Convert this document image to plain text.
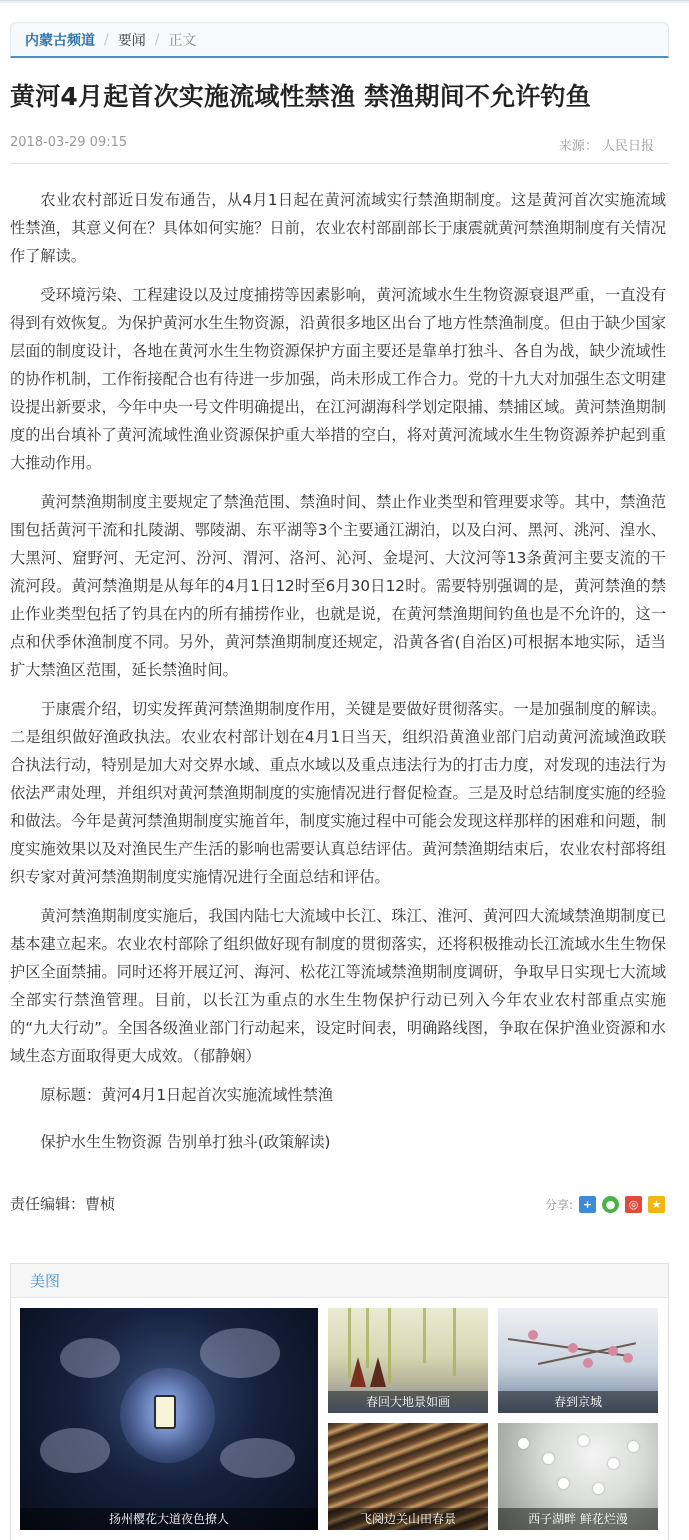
内蒙古频道 / 要闻 / 正文
黄河4月起首次实施流域性禁渔 禁渔期间不允许钓鱼
2018-03-29 09:15	来源： 人民日报

农业农村部近日发布通告，从4月1日起在黄河流域实行禁渔期制度。这是黄河首次实施流域性禁渔，其意义何在？具体如何实施？日前，农业农村部副部长于康震就黄河禁渔期制度有关情况作了解读。

受环境污染、工程建设以及过度捕捞等因素影响，黄河流域水生生物资源衰退严重，一直没有得到有效恢复。为保护黄河水生生物资源，沿黄很多地区出台了地方性禁渔制度。但由于缺少国家层面的制度设计，各地在黄河水生生物资源保护方面主要还是靠单打独斗、各自为战，缺少流域性的协作机制，工作衔接配合也有待进一步加强，尚未形成工作合力。党的十九大对加强生态文明建设提出新要求，今年中央一号文件明确提出，在江河湖海科学划定限捕、禁捕区域。黄河禁渔期制度的出台填补了黄河流域性渔业资源保护重大举措的空白，将对黄河流域水生生物资源养护起到重大推动作用。

黄河禁渔期制度主要规定了禁渔范围、禁渔时间、禁止作业类型和管理要求等。其中，禁渔范围包括黄河干流和扎陵湖、鄂陵湖、东平湖等3个主要通江湖泊，以及白河、黑河、洮河、湟水、大黑河、窟野河、无定河、汾河、渭河、洛河、沁河、金堤河、大汶河等13条黄河主要支流的干流河段。黄河禁渔期是从每年的4月1日12时至6月30日12时。需要特别强调的是，黄河禁渔的禁止作业类型包括了钓具在内的所有捕捞作业，也就是说，在黄河禁渔期间钓鱼也是不允许的，这一点和伏季休渔制度不同。另外，黄河禁渔期制度还规定，沿黄各省(自治区)可根据本地实际，适当扩大禁渔区范围，延长禁渔时间。

于康震介绍，切实发挥黄河禁渔期制度作用，关键是要做好贯彻落实。一是加强制度的解读。二是组织做好渔政执法。农业农村部计划在4月1日当天，组织沿黄渔业部门启动黄河流域渔政联合执法行动，特别是加大对交界水域、重点水域以及重点违法行为的打击力度，对发现的违法行为依法严肃处理，并组织对黄河禁渔期制度的实施情况进行督促检查。三是及时总结制度实施的经验和做法。今年是黄河禁渔期制度实施首年，制度实施过程中可能会发现这样那样的困难和问题，制度实施效果以及对渔民生产生活的影响也需要认真总结评估。黄河禁渔期结束后，农业农村部将组织专家对黄河禁渔期制度实施情况进行全面总结和评估。

黄河禁渔期制度实施后，我国内陆七大流域中长江、珠江、淮河、黄河四大流域禁渔期制度已基本建立起来。农业农村部除了组织做好现有制度的贯彻落实，还将积极推动长江流域水生生物保护区全面禁捕。同时还将开展辽河、海河、松花江等流域禁渔期制度调研，争取早日实现七大流域全部实行禁渔管理。目前，以长江为重点的水生生物保护行动已列入今年农业农村部重点实施的“九大行动”。全国各级渔业部门行动起来，设定时间表，明确路线图，争取在保护渔业资源和水域生态方面取得更大成效。（郁静娴）

原标题：黄河4月1日起首次实施流域性禁渔

保护水生生物资源 告别单打独斗(政策解读)

责任编辑：曹桢	分享: +	●	◎	★
美图
扬州樱花大道夜色撩人
春回大地景如画	春到京城
飞阅边关山田春景	西子湖畔 鲜花烂漫
